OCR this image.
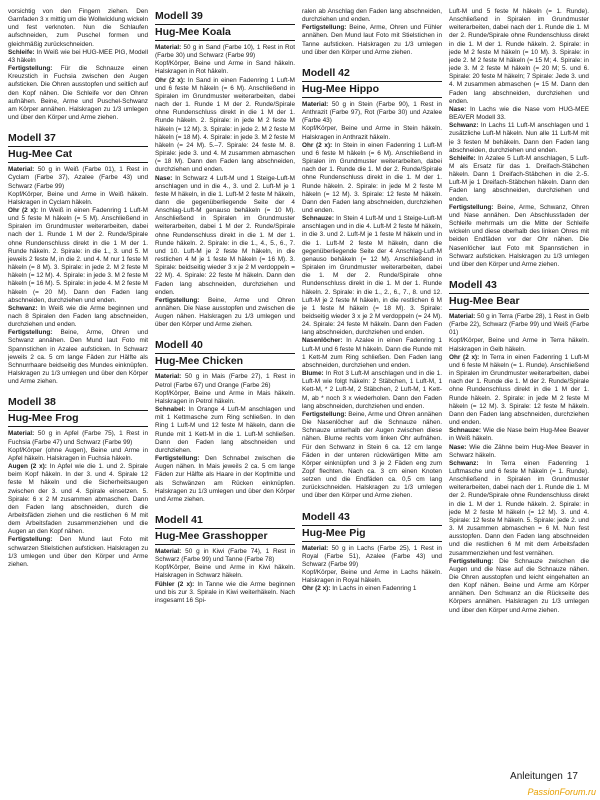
vorsichtig von den Fingern ziehen. Den Garnfaden 3 x mittig um die Wollwicklung wickeln und fest verknoten. Nun die Schlaufen aufschneiden, zum Puschel formen und gleichmäßig zurückschneiden.

Schleife: In Weiß wie bei HUG-MEE PIG, Modell 43 häkeln

Fertigstellung: Für die Schnauze einen Kreuzstich in Fuchsia zwischen den Augen aufsticken. Die Ohren ausstopfen und seitlich auf den Kopf nähen. Die Schleife vor den Ohren aufnähen. Beine, Arme und Puschel-Schwanz am Körper annähen. Halskragen zu 1/3 umlegen und über den Körper und Arme ziehen.

Modell 37
Hug-Mee Cat

Material: 50 g in Weiß (Farbe 01), 1 Rest in Cyclam (Farbe 37), Azalee (Farbe 43) und Schwarz (Farbe 99)

Kopf/Körper, Beine und Arme in Weiß häkeln. Halskragen in Cyclam häkeln.

Ohr (2 x): In Weiß in einen Fadenring 1 Luft-M und 5 feste M häkeln (= 5 M). Anschließend in Spiralen im Grundmuster weiterarbeiten, dabei nach der 1. Runde 1 M der 2. Runde/Spirale ohne Rundenschluss direkt in die 1 M der 1. Runde häkeln. 2. Spirale: in die 1., 3. und 5. M jeweils 2 feste M, in die 2. und 4. M nur 1 feste M häkeln (= 8 M). 3. Spirale: in jede 2. M 2 feste M häkeln (= 12 M). 4. Spirale: in jede 3. M 2 feste M häkeln (= 16 M). 5. Spirale: in jede 4. M 2 feste M häkeln (= 20 M). Dann den Faden lang abschneiden, durchziehen und enden.

Schwanz: In Weiß wie die Arme beginnen und nach 8 Spiralen den Faden lang abschneiden, durchziehen und enden.

Fertigstellung: Beine, Arme, Ohren und Schwanz annähen. Den Mund laut Foto mit Spannstichen in Azalee aufsticken. In Schwarz jeweils 2 ca. 5 cm lange Fäden zur Hälfte als Schnurrhaare beidseitig des Mundes einknüpfen. Halskragen zu 1/3 umlegen und über den Körper und Arme ziehen.

Modell 38
Hug-Mee Frog

Material: 50 g in Apfel (Farbe 75), 1 Rest in Fuchsia (Farbe 47) und Schwarz (Farbe 99)

Kopf/Körper (ohne Augen), Beine und Arme in Apfel häkeln. Halskragen in Fuchsia häkeln.

Augen (2 x): In Apfel wie die 1. und 2. Spirale beim Kopf häkeln. In der 3. und 4. Spirale 12 feste M häkeln und die Sicherheitsaugen zwischen der 3. und 4. Spirale einsetzen. 5. Spirale: 6 x 2 M zusammen abmaschen. Dann den Faden lang abschneiden, durch die Arbeitsfäden ziehen und die restlichen 6 M mit dem Arbeitsfaden zusammenziehen und die Augen an den Kopf nähen.

Fertigstellung: Den Mund laut Foto mit schwarzen Stielstichen aufsticken. Halskragen zu 1/3 umlegen und über den Körper und Arme ziehen.

Modell 39
Hug-Mee Koala

Material: 50 g in Sand (Farbe 10), 1 Rest in Rot (Farbe 30) und Schwarz (Farbe 99)

Kopf/Körper, Beine und Arme in Sand häkeln. Halskragen in Rot häkeln.

Ohr (2 x): In Sand in einen Fadenring 1 Luft-M und 6 feste M häkeln (= 6 M). Anschließend in Spiralen im Grundmuster weiterarbeiten, dabei nach der 1. Runde 1 M der 2. Runde/Spirale ohne Rundenschluss direkt in die 1 M der 1. Runde häkeln. 2. Spirale: in jede M 2 feste M häkeln (= 12 M). 3. Spirale: in jede 2. M 2 feste M häkeln (= 18 M). 4. Spirale: in jede 3. M 2 feste M häkeln (= 24 M). 5.–7. Spirale: 24 feste M. 8. Spirale: jede 3. und 4. M zusammen abmaschen (= 18 M). Dann den Faden lang abschneiden, durchziehen und enden.

Nase: In Schwarz 4 Luft-M und 1 Steige-Luft-M anschlagen und in die 4., 3. und 2. Luft-M je 1 feste M häkeln, in die 1. Luft-M 2 feste M häkeln, dann die gegenüberliegende Seite der 4 Anschlag-Luft-M genauso behäkeln (= 10 M). Anschließend in Spiralen im Grundmuster weiterarbeiten, dabei 1 M der 2. Runde/Spirale ohne Rundenschluss direkt in die 1. M der 1. Runde häkeln. 2. Spirale: in die 1., 4., 5., 6., 7. und 10. Luft-M je 2 feste M häkeln, in die restlichen 4 M je 1 feste M häkeln (= 16 M). 3. Spirale: beidseitig wieder 3 x je 2 M verdoppeln = 22 M). 4. Spirale: 22 feste M häkeln. Dann den Faden lang abschneiden, durchziehen und enden.

Fertigstellung: Beine, Arme und Ohren annähen. Die Nase ausstopfen und zwischen die Augen nähen. Halskragen zu 1/3 umlegen und über den Körper und Arme ziehen.

Modell 40
Hug-Mee Chicken

Material: 50 g in Mais (Farbe 27), 1 Rest in Petrol (Farbe 67) und Orange (Farbe 26)

Kopf/Körper, Beine und Arme in Mais häkeln. Halskragen in Petrol häkeln.

Schnabel: In Orange 4 Luft-M anschlagen und mit 1 Kettmasche zum Ring schließen. In den Ring 1 Luft-M und 12 feste M häkeln, dann die Runde mit 1 Kett-M in die 1. Luft-M schließen. Dann den Faden lang abschneiden und durchziehen.

Fertigstellung: Den Schnabel zwischen die Augen nähen. In Mais jeweils 2 ca. 5 cm lange Fäden zur Hälfte als Haare in der Kopfmitte und als Schwänzen am Rücken einknüpfen. Halskragen zu 1/3 umlegen und über den Körper und Arme ziehen.

Modell 41
Hug-Mee Grasshopper

Material: 50 g in Kiwi (Farbe 74), 1 Rest in Schwarz (Farbe 99) und Tanne (Farbe 78)

Kopf/Körper, Beine und Arme in Kiwi häkeln. Halskragen in Schwarz häkeln.

Fühler (2 x): In Tanne wie die Arme beginnen und bis zur 3. Spirale in Kiwi weiterhäkeln. Nach insgesamt 16 Spi-

ralen ab Anschlag den Faden lang abschneiden, durchziehen und enden.

Fertigstellung: Beine, Arme, Ohren und Fühler annähen. Den Mund laut Foto mit Stielstichen in Tanne aufsticken. Halskragen zu 1/3 umlegen und über den Körper und Arme ziehen.

Modell 42
Hug-Mee Hippo

Material: 50 g in Stein (Farbe 90), 1 Rest in Anthrazit (Farbe 97), Rot (Farbe 30) und Azalee (Farbe 43)

Kopf/Körper, Beine und Arme in Stein häkeln. Halskragen in Anthrazit häkeln.

Ohr (2 x): In Stein in einen Fadenring 1 Luft-M und 6 feste M häkeln (= 6 M). Anschließend in Spiralen im Grundmuster weiterarbeiten, dabei nach der 1. Runde die 1. M der 2. Runde/Spirale ohne Rundenschluss direkt in die 1. M der 1. Runde häkeln. 2. Spirale: in jede M 2 feste M häkeln (= 12 M). 3. Spirale: 12 feste M häkeln. Dann den Faden lang abschneiden, durchziehen und enden.

Schnauze: In Stein 4 Luft-M und 1 Steige-Luft-M anschlagen und in die 4. Luft-M 2 feste M häkeln, in die 3. und 2. Luft-M je 1 feste M häkeln und in die 1. Luft-M 2 feste M häkeln, dann die gegenüberliegende Seite der 4 Anschlag-Luft-M genauso behäkeln (= 12 M). Anschließend in Spiralen im Grundmuster weiterarbeiten, dabei die 1. M der 2. Runde/Spirale ohne Rundenschluss direkt in die 1. M der 1. Runde häkeln. 2. Spirale: in die 1., 2., 6., 7., 8. und 12. Luft-M je 2 feste M häkeln, in die restlichen 6 M je 1 feste M häkeln (= 18 M). 3. Spirale: beidseitig wieder 3 x je 2 M verdoppeln (= 24 M). 24. Spirale: 24 feste M häkeln. Dann den Faden lang abschneiden, durchziehen und enden.

Nasenlöcher: In Azalee in einen Fadenring 1 Luft-M und 6 feste M häkeln. Dann die Runde mit 1 Kett-M zum Ring schließen. Den Faden lang abschneiden, durchziehen und enden.

Blume: In Rot 3 Luft-M anschlagen und in die 1. Luft-M wie folgt häkeln: 2 Stäbchen, 1 Luft-M, 1 Kett-M, * 2 Luft-M, 2 Stäbchen, 2 Luft-M, 1 Kett-M, ab * noch 3 x wiederholen. Dann den Faden lang abschneiden, durchziehen und enden.

Fertigstellung: Beine, Arme und Ohren annähen Die Nasenlöcher auf die Schnauze nähen. Schnauze unterhalb der Augen zwischen diese nähen. Blume rechts vom linken Ohr aufnähen. Für den Schwanz in Stein 6 ca. 12 cm lange Fäden in der unteren rückwärtigen Mitte am Körper einknüpfen und 3 je 2 Fäden eng zum Zopf flechten. Nach ca. 3 cm einen Knoten setzen und die Endfäden ca. 0,5 cm lang zurückschneiden. Halskragen zu 1/3 umlegen und über den Körper und Arme ziehen.

Modell 43
Hug-Mee Pig

Material: 50 g in Lachs (Farbe 25), 1 Rest in Royal (Farbe 51), Azalee (Farbe 43) und Schwarz (Farbe 99)

Kopf/Körper, Beine und Arme in Lachs häkeln. Halskragen in Royal häkeln.

Ohr (2 x): In Lachs in einen Fadenring 1

Luft-M und 5 feste M häkeln (= 1. Runde). Anschließend in Spiralen im Grundmuster weiterarbeiten, dabei nach der 1. Runde die 1. M der 2. Runde/Spirale ohne Rundenschluss direkt in die 1. M der 1. Runde häkeln. 2. Spirale: in jede M 2 feste M häkeln (= 10 M). 3. Spirale: in jede 2. M 2 feste M häkeln (= 15 M; 4. Spirale: in jede 3. M 2 feste M häkeln (= 20 M; 5. und 6. Spirale: 20 feste M häkeln; 7 Spirale: Jede 3. und 4. M zusammen abmaschen (= 15 M. Dann den Faden lang abschneiden, durchziehen und enden.

Nase: In Lachs wie die Nase vom HUG-MEE BEAVER Modell 33.

Schwanz: In Lachs 11 Luft-M anschlagen und 1 zusätzliche Luft-M häkeln. Nun alle 11 Luft-M mit je 3 festen M behäkeln. Dann den Faden lang abschneiden, durchziehen und enden.

Schleife: In Azalee 5 Luft-M anschlagen, 5 Luft-M als Ersatz für das 1. Dreifach-Stäbchen häkeln. Dann 1 Dreifach-Stäbchen in die 2.-5. Luft-M je 1 Dreifach-Stäbchen häkeln. Dann den Faden lang abschneiden, durchziehen und enden.

Fertigstellung: Beine, Arme, Schwanz, Ohren und Nase annähen. Den Abschlussfaden der Schleife mehrmals um die Mitte der Schleife wickeln und diese oberhalb des linken Ohres mit beiden Endfäden vor der Ohr nähen. Die Nasenlöcher laut Foto mit Spannstichen in Schwarz aufsticken. Halskragen zu 1/3 umlegen und über den Körper und Arme ziehen.

Modell 43
Hug-Mee Bear

Material: 50 g in Terra (Farbe 28), 1 Rest in Gelb (Farbe 22), Schwarz (Farbe 99) und Weiß (Farbe 01)

Kopf/Körper, Beine und Arme in Terra häkeln. Halskragen in Gelb häkeln.

Ohr (2 x): In Terra in einen Fadenring 1 Luft-M und 6 feste M häkeln (= 1. Runde). Anschließend in Spiralen im Grundmuster weiterarbeiten, dabei nach der 1. Runde die 1. M der 2. Runde/Spirale ohne Rundenschluss direkt in die 1 M der 1. Runde häkeln. 2. Spirale: in jede M 2 feste M häkeln (= 12 M). 3. Spirale: 12 feste M häkeln. Dann den Faden lang abschneiden, durchziehen und enden.

Schnauze: Wie die Nase beim Hug-Mee Beaver in Weiß häkeln.

Nase: Wie die Zähne beim Hug-Mee Beaver in Schwarz häkeln.

Schwanz: In Terra einen Fadenring 1 Luftmasche und 6 feste M häkeln (= 1. Runde). Anschließend in Spiralen im Grundmuster weiterarbeiten, dabei nach der 1. Runde die 1. M der 2. Runde/Spirale ohne Rundenschluss direkt in die 1. M der 1. Runde häkeln. 2. Spirale: in jede M 2 feste M häkeln (= 12 M). 3. und 4. Spirale: 12 feste M häkeln. 5. Spirale: jede 2. und 3. M zusammen abmaschen = 6 M. Nun fest ausstopfen. Dann den Faden lang abschneiden und die restlichen 6 M mit dem Arbeitsfaden zusammenziehen und fest vernähen.

Fertigstellung: Die Schnauze zwischen die Augen und die Nase auf die Schnauze nähen. Die Ohren ausstopfen und leicht eingehalten an den Kopf nähen. Beine und Arme am Körper annähen. Den Schwanz an die Rückseite des Körpers annähen. Halskragen zu 1/3 umlegen und über den Körper und Arme ziehen.

Anleitungen 17
PassionForum.ru
